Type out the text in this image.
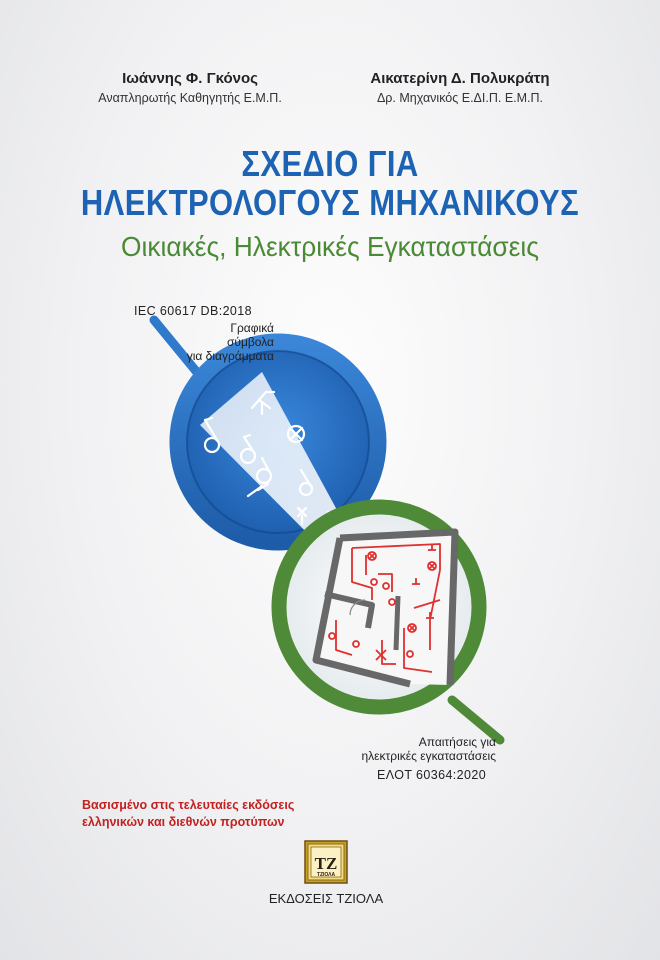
Ιωάννης Φ. Γκόνος
Αναπληρωτής Καθηγητής Ε.Μ.Π.
Αικατερίνη Δ. Πολυκράτη
Δρ. Μηχανικός Ε.ΔΙ.Π. Ε.Μ.Π.
ΣΧΕΔΙΟ ΓΙΑ
ΗΛΕΚΤΡΟΛΟΓΟΥΣ ΜΗΧΑΝΙΚΟΥΣ
Οικιακές, Ηλεκτρικές Εγκαταστάσεις
IEC 60617 DB:2018
Γραφικά σύμβολα
για διαγράμματα
Απαιτήσεις για
ηλεκτρικές εγκαταστάσεις
ΕΛΟΤ 60364:2020
Βασισμένο στις τελευταίες εκδόσεις
ελληνικών και διεθνών προτύπων
ΤΖ
ΤΖΙΟΛΑ
ΕΚΔΟΣΕΙΣ ΤΖΙΟΛΑ
